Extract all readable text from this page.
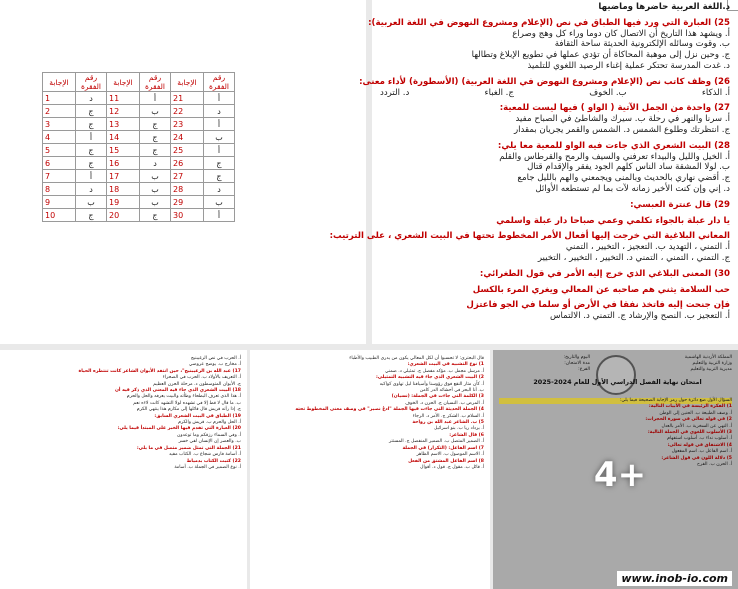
الإجابة	رقم الفقرة	الإجابة	رقم الفقرة	الإجابة	رقم الفقرة
1	د	11	أ	21	أ
2	ج	12	ب	22	د
3	ج	13	ج	23	أ
4	أ	14	ج	24	ب
5	ج	15	ج	25	أ
6	ج	16	د	26	ج
7	أ	17	ب	27	ج
8	د	18	ب	28	د
9	ب	19	ب	29	ب
10	ج	20	ج	30	أ
د.اللغة العربية حاضرها وماضيها
25) العبارة التي ورد فيها الطباق في نص (الإعلام ومشروع النهوض في اللغة العربية):
أ. ويشهد هذا التاريخ أن الاتصال كان دوما وراء كل وهج وصراع
ب. وقوت وسائله الإلكترونية الحديثة ساحة الثقافة
ج. وحين نزل إلى موهبة المحاكاة أن تؤدي عملها في تطويع الإبلاغ وتطالها
د. غدت المدرسة تحتكر عملية إغناء الرصيد اللغوي للتلميذ
26) وظف كاتب نص (الإعلام ومشروع النهوض في اللغة العربية) (الأسطورة) لأداء معنى:
أ. الذكاء
ب. الخوف
ج. الغباء
د. التردد
27) واحدة من الجمل الآتية ( الواو ) فيها ليست للمعية:
أ. سرنا والنهر في رحلة ب. سيرك والشاطئ في الصباح مفيد
ج. انتظرتك وطلوع الشمس د. الشمس والقمر يجريان بمقدار
28) البيت الشعري الذي جاءت فيه الواو للمعية معا يلي:
أ. الخيل والليل والبيداء تعرفني والسيف والرمح والقرطاس والقلم
ب. لولا المشقة ساد الناس كلهم الجود يفقر والإقدام قتال
ج. أقضي نهاري بالحديث وبالمنى ويجمعني والهم بالليل جامع
د. إني وإن كنت الأخير زمانه لآت بما لم تستطعه الأوائل
29) قال عنترة العبسي:
يا دار عبلة بالجواء تكلمي وعمي صباحا دار عبلة واسلمي
المعاني البلاغية التي خرجت إليها أفعال الأمر المخطوط تحتها في البيت الشعري ، على الترتيب:
أ. التمني ، التهديد ب. التعجيز ، التخيير ، التمني
ج. التمني ، التمني ، التمني د. التخيير ، التخيير ، التخيير
30) المعنى البلاغي الذي خرج إليه الأمر في قول الطغرائي:
حب السلامة يثني هم صاحبه عن المعالي ويغري المرء بالكسل
فإن جنحت إليه فاتخذ نفقا في الأرض أو سلما في الجو فاعتزل
أ. التعجيز ب. النصح والإرشاد ج. التمني د. الالتماس
أ. الحرب في نص الزغيبنيج
أ. مخارج ب. يوضح عروضي
17) عبد الله بن الزغيبنيج"، حين انتقد الأبوان الشاعر كانت تنتظره الحياة
أ. التعريف بالأولاد ب. الحرب في الصحراء
ج. الأبوان المتوسطون د. مرحلة الحزن العظيم
18) البيت الشعري الذي جاء فيه المعنى الذي ذكر فيه أن
أ. هذا الذي تعرف البطحاء وطأته والبيت يعرفه والحل والحرم
ب. ما قال لا قط إلا في تشهده لولا التشهد كانت لاءه نعم
ج. إذا رأته قريش قال قائلها إلى مكارم هذا ينتهي الكرم
19) الطباق في البيت الشعري السابق:
أ. الحل والحرم ب. قريش والكرم
20) العبارة التي تقدم فيها الخبر على المبتدأ فيما يلي:
أ. وفي السماء رزقكم وما توعدون
ب. والعصر إن الإنسان لفي خسر
21) الجملة التي تمثل ضمير متصل في ما يلي:
أ. أسامة فارس شجاع ب. الكتاب مفيد
22) كتبت الكتاب بدمياط
أ. نوع الضمير في الجملة ب. أسامة
قال البحتري: لا تحسبوا أن لكل المعالي يكون من يدري الطبيب والأطباء
1) نوع التشبيه في البيت الشعري:
أ. مرسل مجمل ب. مؤكد مفصل ج. تمثيلي د. ضمني
2) البيت الشعري الذي جاء فيه التشبيه التمثيلي:
أ. كأن مثار النقع فوق رؤوسنا وأسيافنا ليل تهاوى كواكبه
ب. أنا البحر في أحشائه الدر كامن
3) الكلمة التي جاءت في الجملة: (نسيان)
أ. المرض ب. النسيان ج. الحزن د. الخوف
4) الجملة الحديثة التي جاءت فيها الجملة "ادعُ نصير" في وصف معنى المخطوط تحته
أ. السلام ب. الشكر ج. الأمر د. الرجاء
5) ب. الشاعر عبد الله بن رواحة
أ. يزداد ريا ب. بنو اسرائيل
6) قال الشاعر:
أ. الضمير المتصل ب. الضمير المنفصل ج. المستتر
7) اسم الفاعل: (التكرار) في الجملة
أ. الاسم الموصول ب. الاسم الظاهر
8) اسم الفاعل المشتق من الفعل
أ. قائل ب. مقول ج. قول د. أقوال
السؤال الأول ضع دائرة حول رمز الإجابة الصحيحة فيما يلي:
1) الفكرة الرئيسة في الأبيات التالية:
أ. وصف الطبيعة ب. الحنين إلى الوطن
2) في قوله تعالى في سورة الحجرات:
أ. النهي عن السخرية ب. الأمر بالعدل
3) الأسلوب اللغوي في الجملة التالية:
أ. أسلوب نداء ب. أسلوب استفهام
4) الاشتقاق في قوله تعالى:
أ. اسم الفاعل ب. اسم المفعول
5) دلالة اللون في قول الشاعر:
أ. الحزن ب. الفرح
اليوم والتاريخ:
مدة الامتحان:
الفرع:
المملكة الأردنية الهاشمية
وزارة التربية والتعليم
مديرية التربية والتعليم
امتحان نهاية الفصل الدراسي الأول للعام 2024-2025
4+
www.inob-io.com
